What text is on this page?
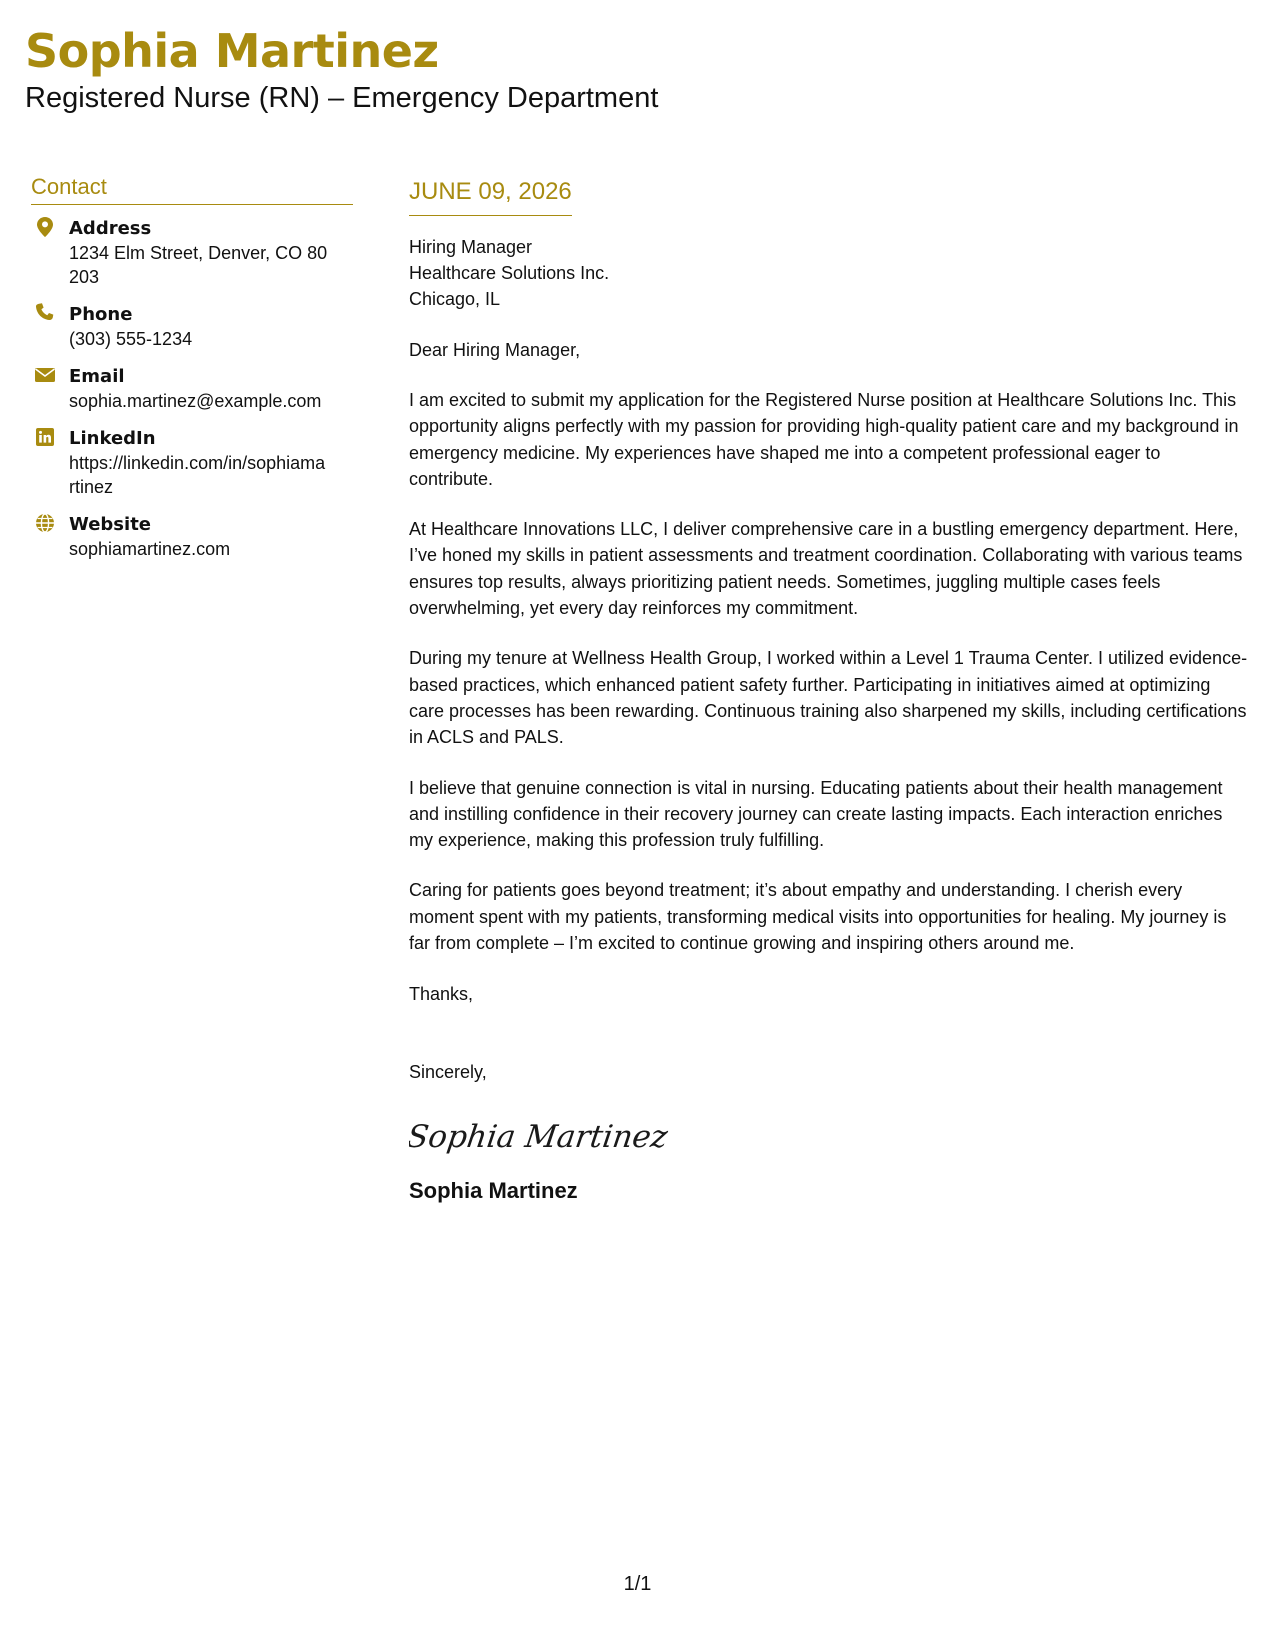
Sophia Martinez
Registered Nurse (RN) – Emergency Department
Contact
Address
1234 Elm Street, Denver, CO 80203
Phone
(303) 555-1234
Email
sophia.martinez@example.com
LinkedIn
https://linkedin.com/in/sophiamartinez
Website
sophiamartinez.com
JUNE 09, 2026
Hiring Manager
Healthcare Solutions Inc.
Chicago, IL
Dear Hiring Manager,
I am excited to submit my application for the Registered Nurse position at Healthcare Solutions Inc. This opportunity aligns perfectly with my passion for providing high-quality patient care and my background in emergency medicine. My experiences have shaped me into a competent professional eager to contribute.
At Healthcare Innovations LLC, I deliver comprehensive care in a bustling emergency department. Here, I’ve honed my skills in patient assessments and treatment coordination. Collaborating with various teams ensures top results, always prioritizing patient needs. Sometimes, juggling multiple cases feels overwhelming, yet every day reinforces my commitment.
During my tenure at Wellness Health Group, I worked within a Level 1 Trauma Center. I utilized evidence-based practices, which enhanced patient safety further. Participating in initiatives aimed at optimizing care processes has been rewarding. Continuous training also sharpened my skills, including certifications in ACLS and PALS.
I believe that genuine connection is vital in nursing. Educating patients about their health management and instilling confidence in their recovery journey can create lasting impacts. Each interaction enriches my experience, making this profession truly fulfilling.
Caring for patients goes beyond treatment; it’s about empathy and understanding. I cherish every moment spent with my patients, transforming medical visits into opportunities for healing. My journey is far from complete – I’m excited to continue growing and inspiring others around me.
Thanks,
Sincerely,
Sophia Martinez
Sophia Martinez
1/1
